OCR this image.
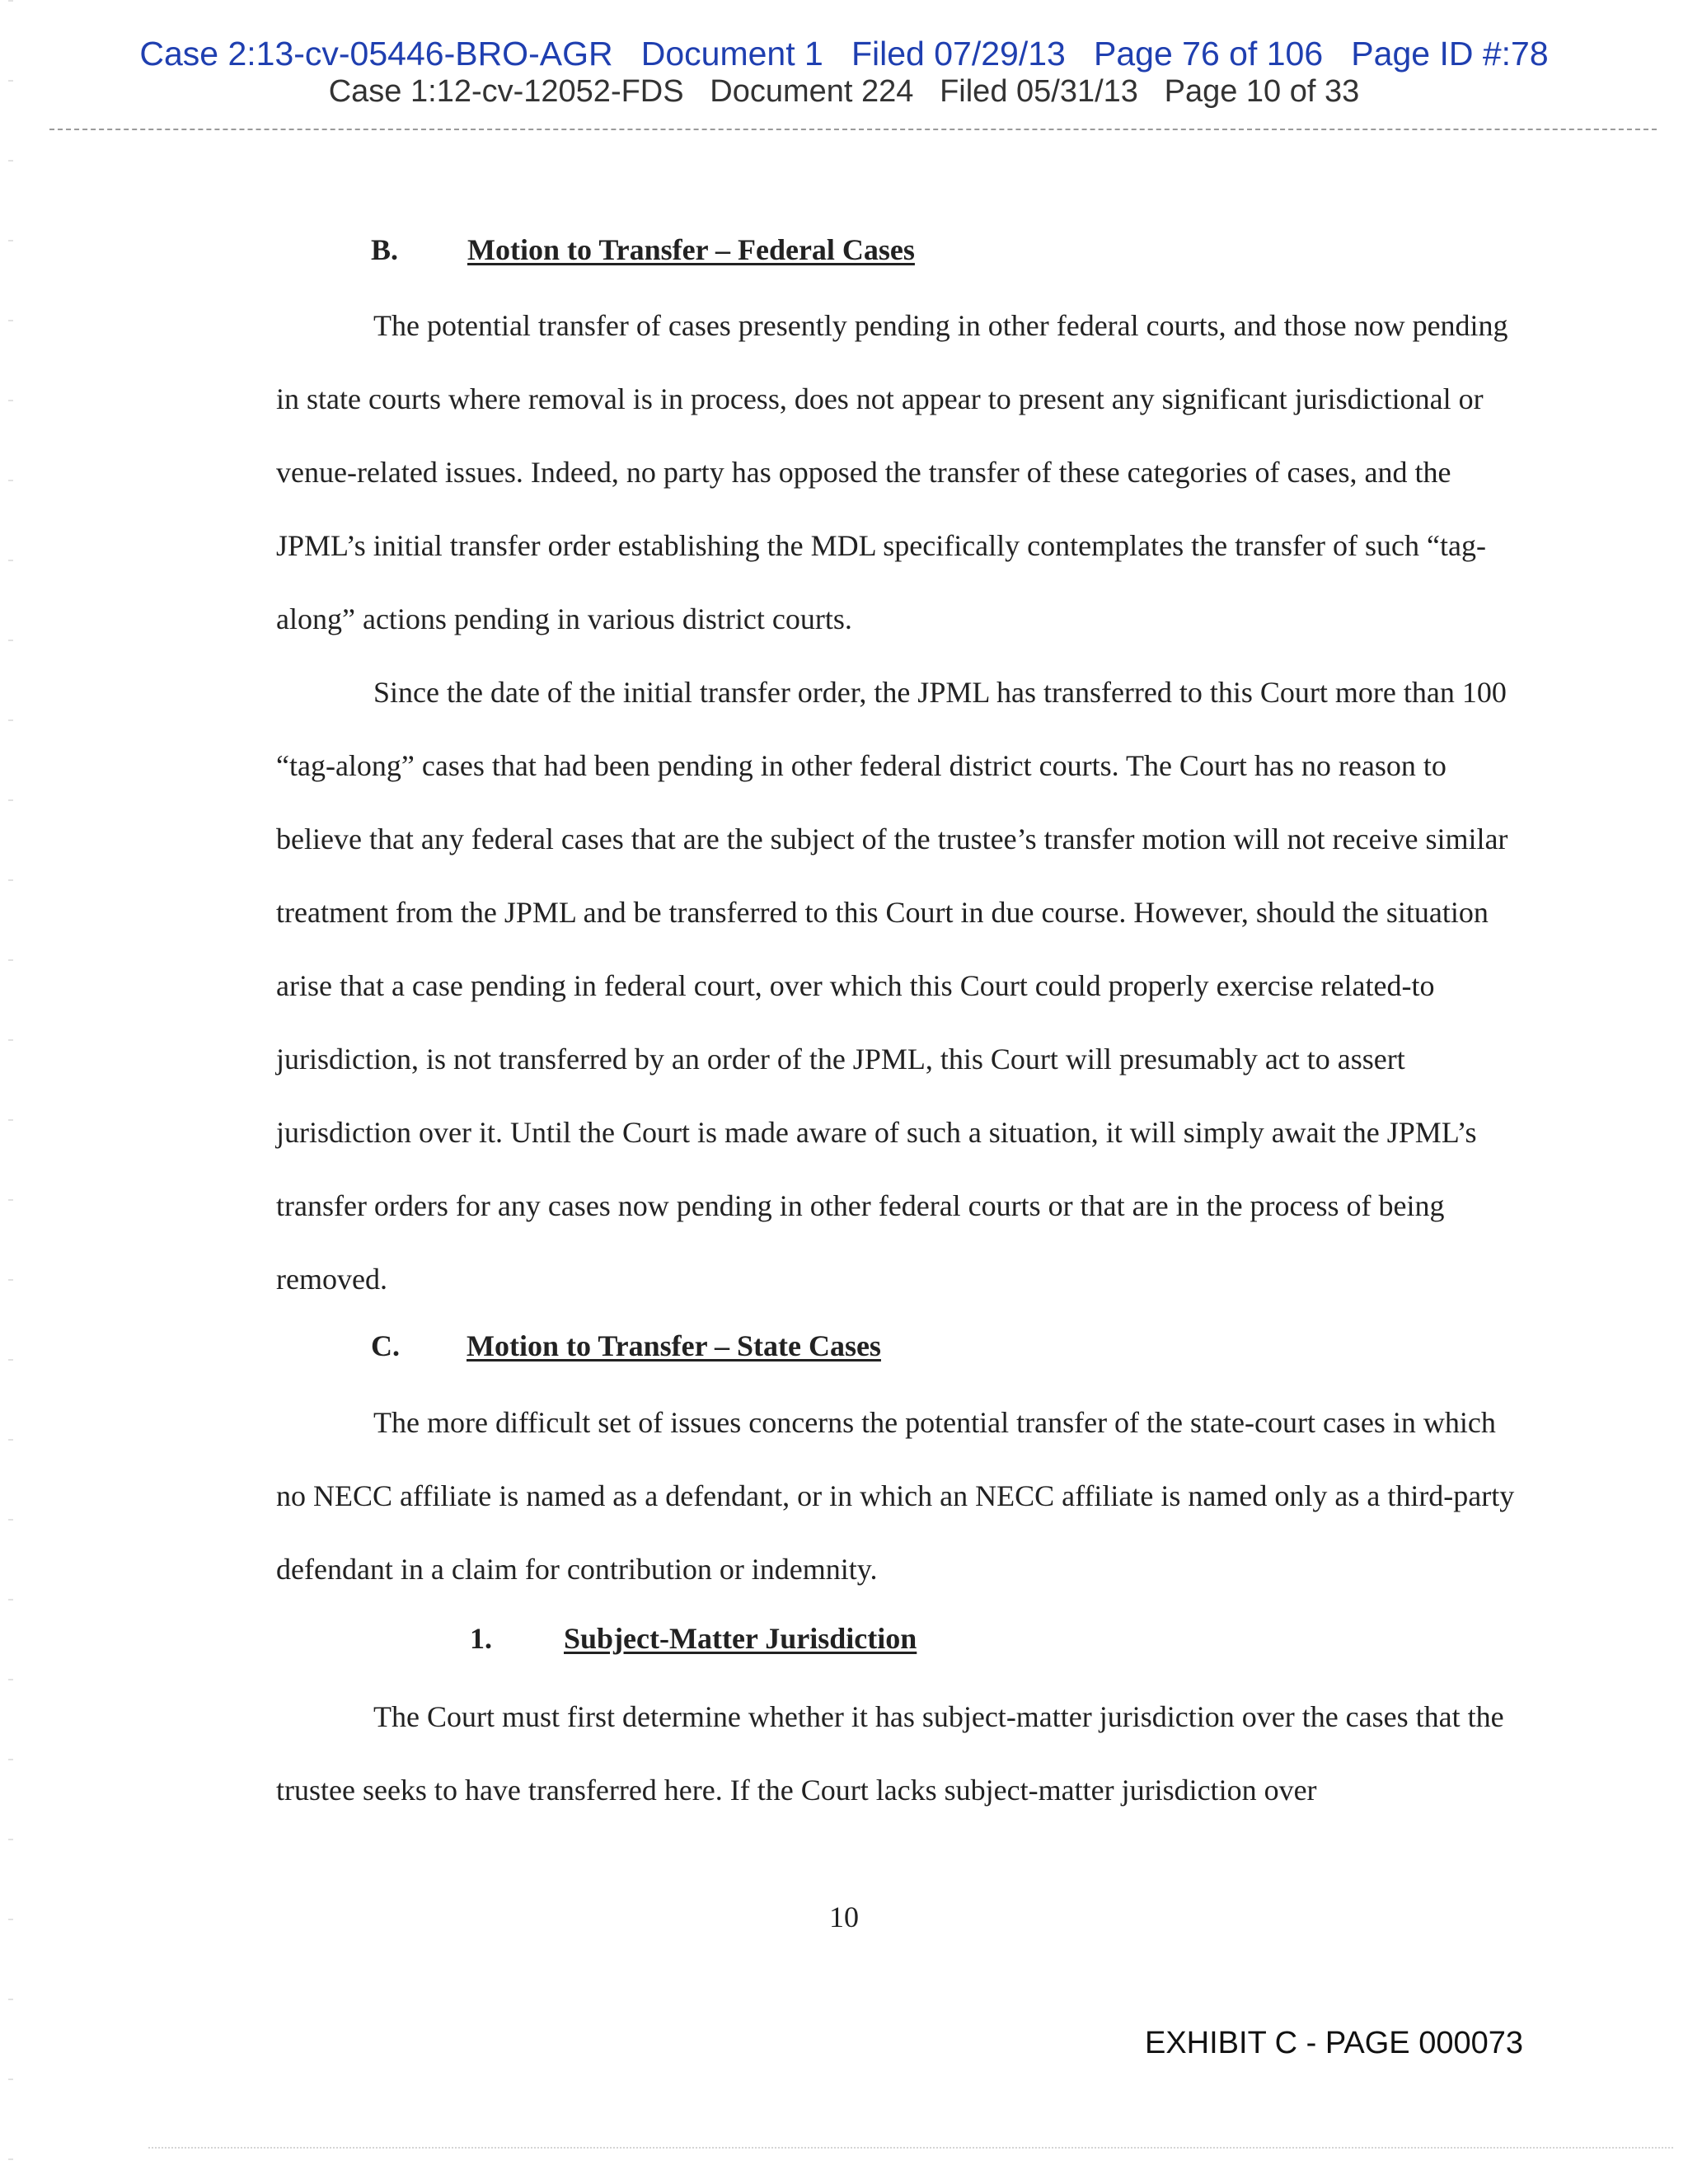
Case 2:13-cv-05446-BRO-AGR   Document 1   Filed 07/29/13   Page 76 of 106   Page ID #:78
Case 1:12-cv-12052-FDS   Document 224   Filed 05/31/13   Page 10 of 33
B. Motion to Transfer – Federal Cases

The potential transfer of cases presently pending in other federal courts, and those now pending in state courts where removal is in process, does not appear to present any significant jurisdictional or venue-related issues. Indeed, no party has opposed the transfer of these categories of cases, and the JPML’s initial transfer order establishing the MDL specifically contemplates the transfer of such “tag-along” actions pending in various district courts.

Since the date of the initial transfer order, the JPML has transferred to this Court more than 100 “tag-along” cases that had been pending in other federal district courts. The Court has no reason to believe that any federal cases that are the subject of the trustee’s transfer motion will not receive similar treatment from the JPML and be transferred to this Court in due course. However, should the situation arise that a case pending in federal court, over which this Court could properly exercise related-to jurisdiction, is not transferred by an order of the JPML, this Court will presumably act to assert jurisdiction over it. Until the Court is made aware of such a situation, it will simply await the JPML’s transfer orders for any cases now pending in other federal courts or that are in the process of being removed.

C. Motion to Transfer – State Cases

The more difficult set of issues concerns the potential transfer of the state-court cases in which no NECC affiliate is named as a defendant, or in which an NECC affiliate is named only as a third-party defendant in a claim for contribution or indemnity.

1. Subject-Matter Jurisdiction

The Court must first determine whether it has subject-matter jurisdiction over the cases that the trustee seeks to have transferred here. If the Court lacks subject-matter jurisdiction over

10
EXHIBIT C - PAGE 000073
